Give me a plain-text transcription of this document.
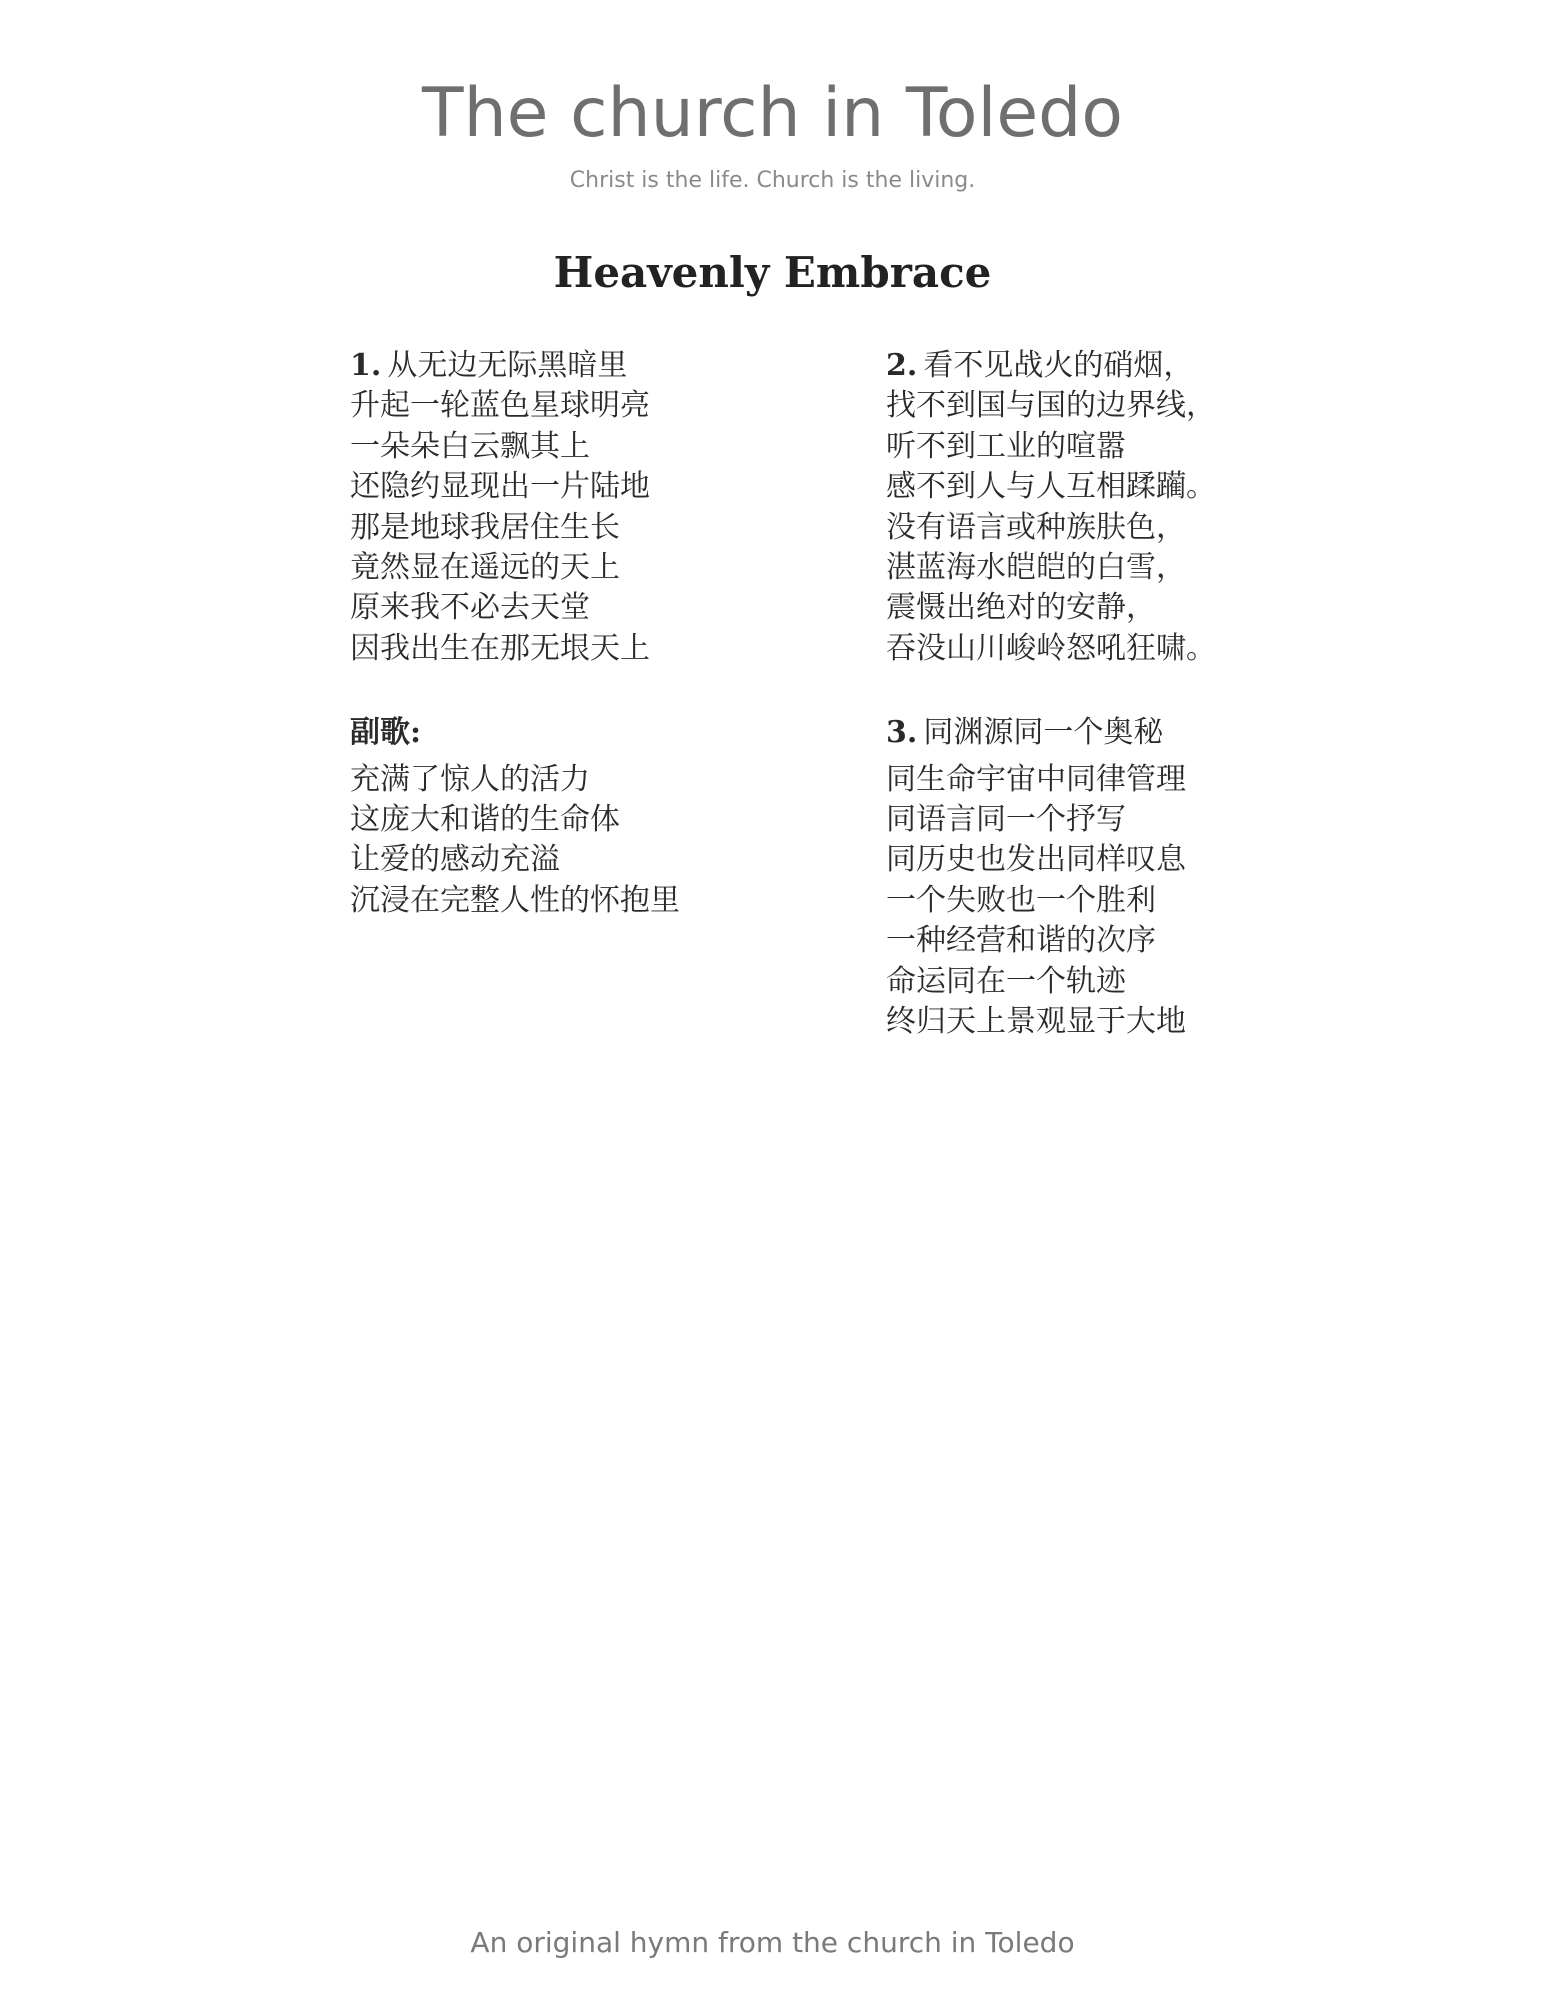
The church in Toledo

Christ is the life. Church is the living.

Heavenly Embrace
1. 从无边无际黑暗里
升起一轮蓝色星球明亮
一朵朵白云飘其上
还隐约显现出一片陆地
那是地球我居住生长
竟然显在遥远的天上
原来我不必去天堂
因我出生在那无垠天上
副歌:
充满了惊人的活力
这庞大和谐的生命体
让爱的感动充溢
沉浸在完整人性的怀抱里
2. 看不见战火的硝烟，
找不到国与国的边界线，
听不到工业的喧嚣
感不到人与人互相蹂躏。
没有语言或种族肤色，
湛蓝海水皑皑的白雪，
震慑出绝对的安静，
吞没山川峻岭怒吼狂啸。
3. 同渊源同一个奥秘
同生命宇宙中同律管理
同语言同一个抒写
同历史也发出同样叹息
一个失败也一个胜利
一种经营和谐的次序
命运同在一个轨迹
终归天上景观显于大地
An original hymn from the church in Toledo
